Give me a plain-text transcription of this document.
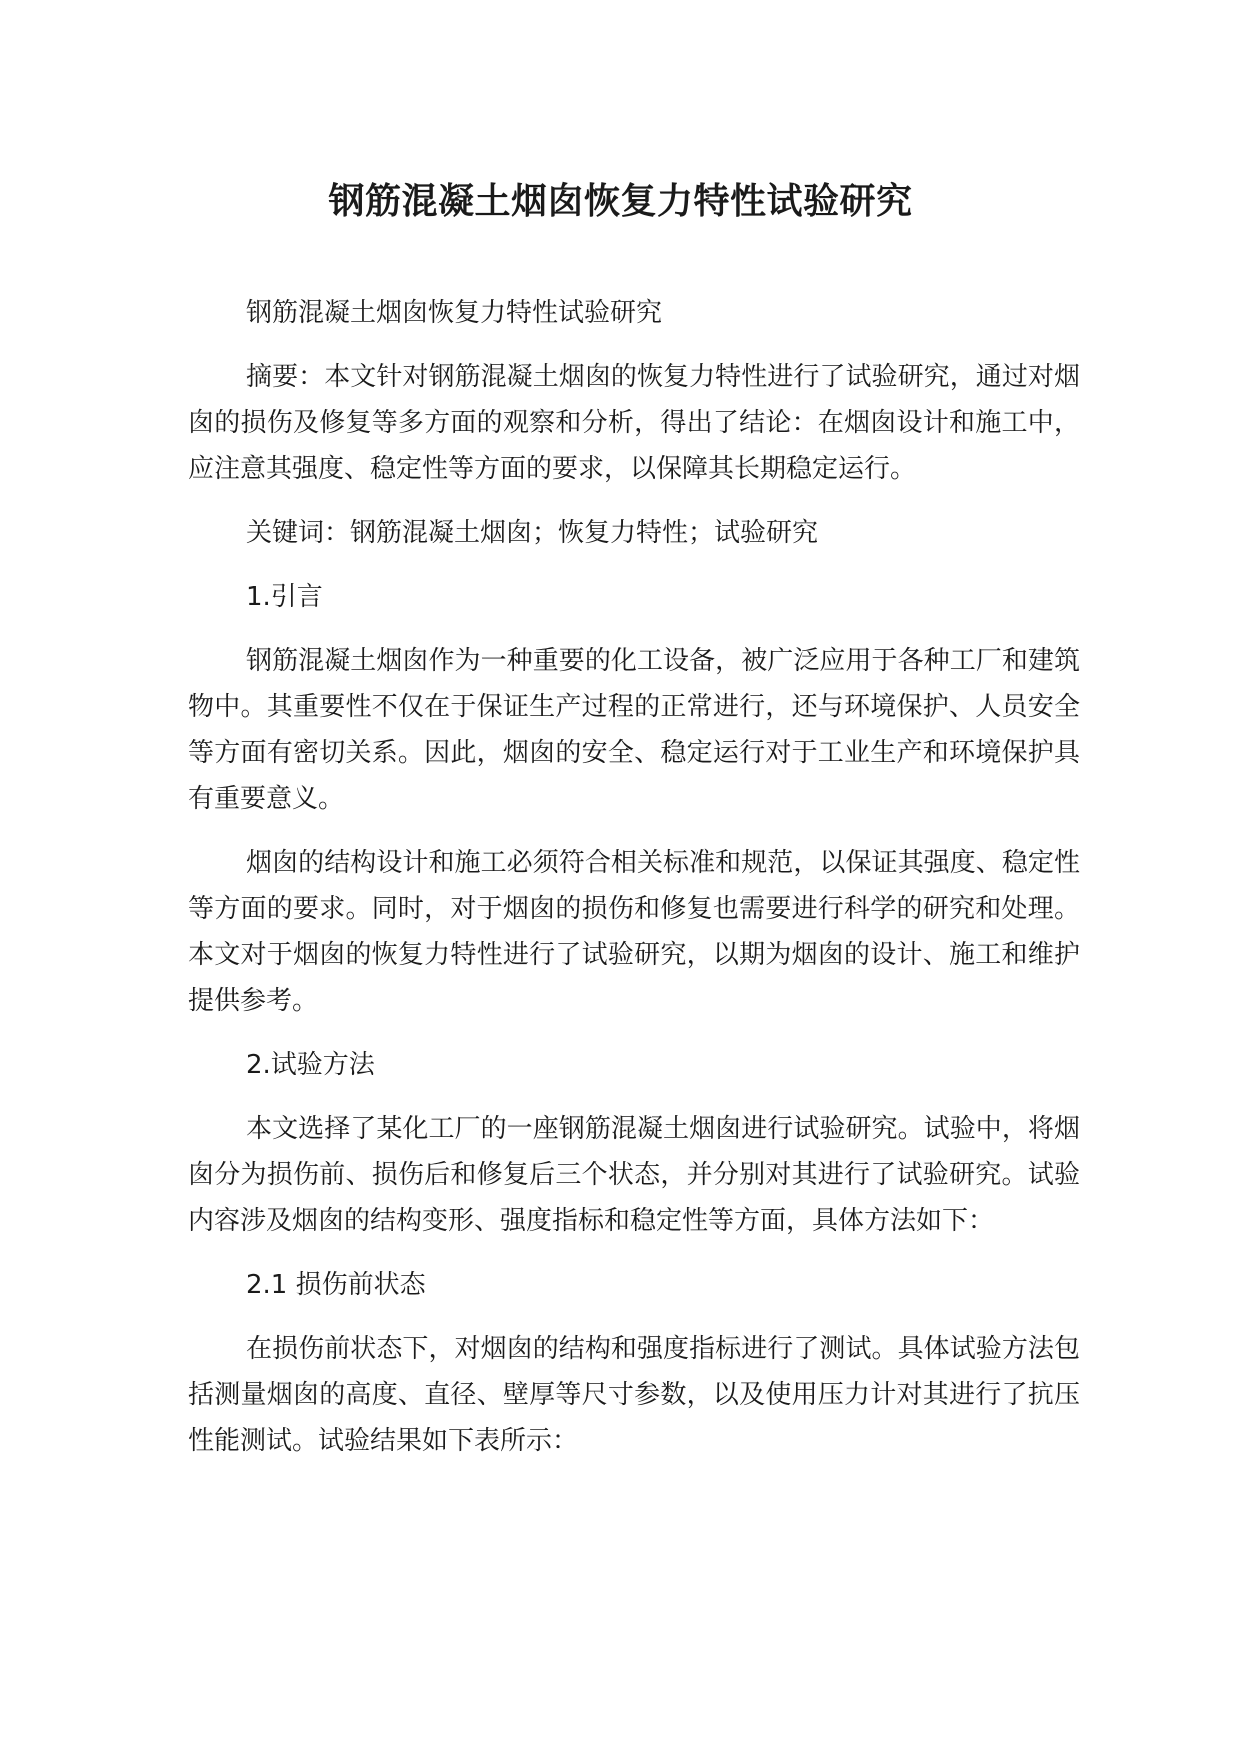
钢筋混凝土烟囱恢复力特性试验研究

钢筋混凝土烟囱恢复力特性试验研究

摘要：本文针对钢筋混凝土烟囱的恢复力特性进行了试验研究，通过对烟囱的损伤及修复等多方面的观察和分析，得出了结论：在烟囱设计和施工中，应注意其强度、稳定性等方面的要求，以保障其长期稳定运行。

关键词：钢筋混凝土烟囱；恢复力特性；试验研究

1.引言

钢筋混凝土烟囱作为一种重要的化工设备，被广泛应用于各种工厂和建筑物中。其重要性不仅在于保证生产过程的正常进行，还与环境保护、人员安全等方面有密切关系。因此，烟囱的安全、稳定运行对于工业生产和环境保护具有重要意义。

烟囱的结构设计和施工必须符合相关标准和规范，以保证其强度、稳定性等方面的要求。同时，对于烟囱的损伤和修复也需要进行科学的研究和处理。本文对于烟囱的恢复力特性进行了试验研究，以期为烟囱的设计、施工和维护提供参考。

2.试验方法

本文选择了某化工厂的一座钢筋混凝土烟囱进行试验研究。试验中，将烟囱分为损伤前、损伤后和修复后三个状态，并分别对其进行了试验研究。试验内容涉及烟囱的结构变形、强度指标和稳定性等方面，具体方法如下：

2.1 损伤前状态

在损伤前状态下，对烟囱的结构和强度指标进行了测试。具体试验方法包括测量烟囱的高度、直径、壁厚等尺寸参数，以及使用压力计对其进行了抗压性能测试。试验结果如下表所示：
